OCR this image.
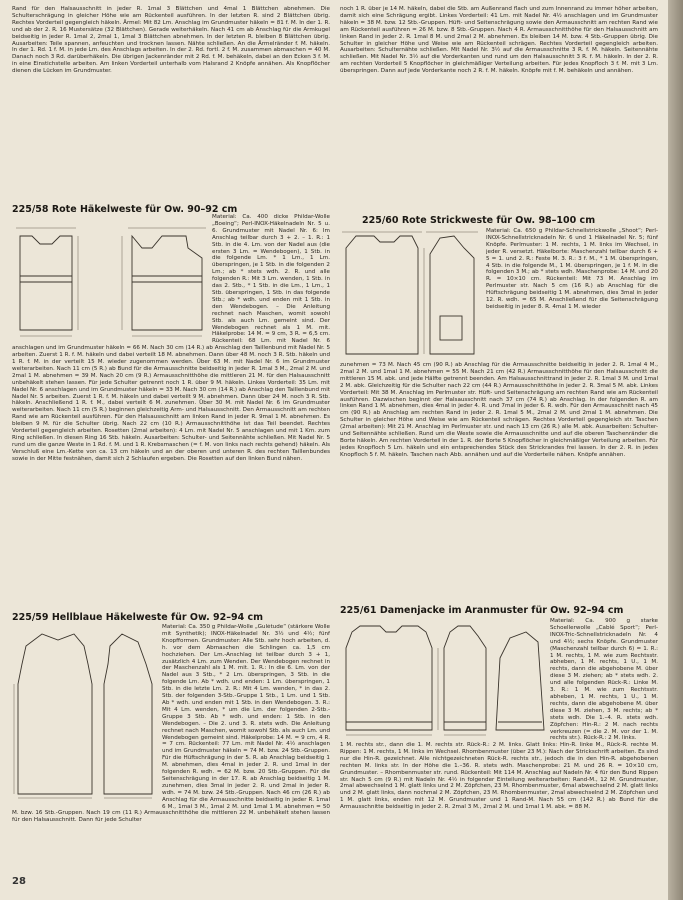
Rand für den Halsausschnitt in jeder R. 1mal 3 Blättchen und 4mal 1 Blättchen abnehmen. Die Schulterschrägung in gleicher Höhe wie am Rückenteil ausführen. In der letzten R. sind 2 Blättchen übrig. Rechtes Vorderteil gegengleich häkeln. Ärmel: Mit 82 Lm. Anschlag im Grundmuster häkeln = 81 f. M. In der 1. R. und ab der 2. R. 16 Mustersätze (32 Blättchen). Gerade weiterhäkeln. Nach 41 cm ab Anschlag für die Armkugel beidseitig in jeder R. 1mal 2, 2mal 1, 1mal 3 Blättchen abnehmen. In der letzten R. bleiben 8 Blättchen übrig. Ausarbeiten: Teile spannen, anfeuchten und trocknen lassen. Nähte schließen. An die Ärmelränder f. M. häkeln. In der 1. Rd. 1 f. M. in jede Lm. des Anschlags arbeiten. In der 2. Rd. fortl. 2 f. M. zusammen abmaschen = 40 M. Danach noch 3 Rd. darüberhäkeln. Die übrigen Jackenränder mit 2 Rd. f. M. behäkeln, dabei an den Ecken 3 f. M. in eine Einstichstelle arbeiten. Am linken Vorderteil unterhalb vom Halsrand 2 Knöpfe annähen. Als Knopflöcher dienen die Lücken im Grundmuster.

225/58 Rote Häkelweste für Ow. 90–92 cm

Material: Ca. 400 dicke Phildar-Wolle „Boeing“; Perl-INOX-Häkelnadeln Nr. 5 u. 6. Grundmuster mit Nadel Nr. 6: Im Anschlag teilbar durch 3 + 2. – 1. R.: 1 Stb. in die 4. Lm. von der Nadel aus (die ersten 3 Lm. = Wendebogen), 1 Stb. in die folgende Lm. * 1 Lm., 1 Lm. überspringen, je 1 Stb. in die folgenden 2 Lm.; ab * stets wdh. 2. R. und alle folgenden R.: Mit 3 Lm. wenden, 1 Stb. in das 2. Stb., * 1 Stb. in die Lm., 1 Lm., 1 Stb. überspringen, 1 Stb. in das folgende Stb.; ab * wdh. und enden mit 1 Stb. in den Wendebogen. – Die Anleitung rechnet nach Maschen, womit sowohl Stb. als auch Lm. gemeint sind. Der Wendebogen rechnet als 1 M. mit. Häkelprobe: 14 M. = 9 cm, 3 R. = 6,5 cm. Rückenteil: 68 Lm. mit Nadel Nr. 6 anschlagen und im Grundmuster häkeln = 66 M. Nach 30 cm (14 R.) ab Anschlag den Taillenbund mit Nadel Nr. 5 arbeiten. Zuerst 1 R. f. M. häkeln und dabei verteilt 18 M. abnehmen. Dann über 48 M. noch 3 R. Stb. häkeln und 1 R. f. M. in der verteilt 15 M. wieder zugenommen werden. Über 63 M. mit Nadel Nr. 6 im Grundmuster weiterarbeiten. Nach 11 cm (5 R.) ab Bund für die Armausschnitte beidseitig in jeder R. 1mal 3 M., 2mal 2 M. und 2mal 1 M. abnehmen = 39 M. Nach 20 cm (9 R.) Armausschnitthöhe die mittleren 21 M. für den Halsausschnitt unbehäkelt stehen lassen. Für jede Schulter getrennt noch 1 R. über 9 M. häkeln. Linkes Vorderteil: 35 Lm. mit Nadel Nr. 6 anschlagen und im Grundmuster häkeln = 33 M. Nach 30 cm (14 R.) ab Anschlag den Taillenbund mit Nadel Nr. 5 arbeiten. Zuerst 1 R. f. M. häkeln und dabei verteilt 9 M. abnehmen. Dann über 24 M. noch 3 R. Stb. häkeln. Anschließend 1 R. f. M., dabei verteilt 6 M. zunehmen. Über 30 M. mit Nadel Nr. 6 im Grundmuster weiterarbeiten. Nach 11 cm (5 R.) beginnen gleichzeitig Arm- und Halsausschnitt. Den Armausschnitt am rechten Rand wie am Rückenteil ausführen. Für den Halsausschnitt am linken Rand in jeder R. 9mal 1 M. abnehmen. Es bleiben 9 M. für die Schulter übrig. Nach 22 cm (10 R.) Armausschnitthöhe ist das Teil beendet. Rechtes Vorderteil gegengleich arbeiten. Rosetten (2mal arbeiten): 4 Lm. mit Nadel Nr. 5 anschlagen und mit 1 Km. zum Ring schließen. In diesen Ring 16 Stb. häkeln. Ausarbeiten: Schulter- und Seitennähte schließen. Mit Nadel Nr. 5 rund um die ganze Weste in 1 Rd. f. M. und 1 R. Krebsmaschen (= f. M. von links nach rechts gehend) häkeln. Als Verschluß eine Lm.-Kette von ca. 13 cm häkeln und an der oberen und unteren R. des rechten Taillenbundes sowie in der Mitte festnähen, damit sich 2 Schlaufen ergeben. Die Rosetten auf den linken Bund nähen.

225/59 Hellblaue Häkelweste für Ow. 92–94 cm

Material: Ca. 350 g Phildar-Wolle „Gulétude“ (stärkere Wolle mit Synthetik); INOX-Häkelnadel Nr. 3½ und 4½; fünf Knopfformen. Grundmuster: Alle Stb. sehr hoch arbeiten, d. h. vor dem Abmaschen die Schlingen ca. 1,5 cm hochziehen. Der Lm.-Anschlag ist teilbar durch 3 + 1, zusätzlich 4 Lm. zum Wenden. Der Wendebogen rechnet in der Maschenzahl als 1 M. mit. 1. R.: In die 6. Lm. von der Nadel aus 3 Stb., * 2 Lm. überspringen, 3 Stb. in die folgende Lm. Ab * wdh. und enden: 1 Lm. überspringen, 1 Stb. in die letzte Lm. 2. R.: Mit 4 Lm. wenden, * in das 2. Stb. der folgenden 3-Stb.-Gruppe 1 Stb., 1 Lm. und 1 Stb. Ab * wdh. und enden mit 1 Stb. in den Wendebogen. 3. R.: Mit 4 Lm. wenden, * um die Lm. der folgenden 2-Stb.-Gruppe 3 Stb. Ab * wdh. und enden: 1 Stb. in den Wendebogen. – Die 2. und 3. R. stets wdh. Die Anleitung rechnet nach Maschen, womit sowohl Stb. als auch Lm. und Wendebogen gemeint sind. Häkelprobe: 14 M. = 9 cm, 4 R. = 7 cm. Rückenteil: 77 Lm. mit Nadel Nr. 4½ anschlagen und im Grundmuster häkeln = 74 M. bzw. 24 Stb.-Gruppen. Für die Hüftschrägung in der 5. R. ab Anschlag beidseitig 1 M. abnehmen, dies 4mal in jeder 2. R. und 1mal in der folgenden R. wdh. = 62 M. bzw. 20 Stb.-Gruppen. Für die Seitenschrägung in der 17. R. ab Anschlag beidseitig 1 M. zunehmen, dies 3mal in jeder 2. R. und 2mal in jeder R. wdh. = 74 M. bzw. 24 Stb.-Gruppen. Nach 46 cm (26 R.) ab Anschlag für die Armausschnitte beidseitig in jeder R. 1mal 6 M., 1mal 3 M., 1mal 2 M. und 1mal 1 M. abnehmen = 50 M. bzw. 16 Stb.-Gruppen. Nach 19 cm (11 R.) Armausschnitthöhe die mittleren 22 M. unbehäkelt stehen lassen für den Halsausschnitt. Dann für jede Schulter

noch 1 R. über je 14 M. häkeln, dabei die Stb. am Außenrand flach und zum Innenrand zu immer höher arbeiten, damit sich eine Schrägung ergibt. Linkes Vorderteil: 41 Lm. mit Nadel Nr. 4½ anschlagen und im Grundmuster häkeln = 38 M. bzw. 12 Stb.-Gruppen. Hüft- und Seitenschrägung sowie den Armausschnitt am rechten Rand wie am Rückenteil ausführen = 26 M. bzw. 8 Stb.-Gruppen. Nach 4 R. Armausschnitthöhe für den Halsausschnitt am linken Rand in jeder 2. R. 1mal 8 M. und 2mal 2 M. abnehmen. Es bleiben 14 M. bzw. 4 Stb.-Gruppen übrig. Die Schulter in gleicher Höhe und Weise wie am Rückenteil schrägen. Rechtes Vorderteil gegengleich arbeiten. Ausarbeiten: Schulternähte schließen. Mit Nadel Nr. 3½ auf die Armausschnitte 3 R. f. M. häkeln. Seitennähte schließen. Mit Nadel Nr. 3½ auf die Vorderkanten und rund um den Halsausschnitt 3 R. f. M. häkeln. In der 2. R. am rechten Vorderteil 5 Knopflöcher in gleichmäßiger Verteilung arbeiten. Für jedes Knopfloch 3 f. M. mit 3 Lm. überspringen. Dann auf jede Vorderkante noch 2 R. f. M. häkeln. Knöpfe mit f. M. behäkeln und annähen.

225/60 Rote Strickweste für Ow. 98–100 cm

Material: Ca. 650 g Phildar-Schnellstrickwolle „Shoot“; Perl-INOX-Schnellstricknadeln Nr. 6 und 1 Häkelnadel Nr. 5; fünf Knöpfe. Perlmuster: 1 M. rechts, 1 M. links im Wechsel, in jeder R. versetzt. Häkelborte: Maschenzahl teilbar durch 6 + 5 = 1. und 2. R.: Feste M. 3. R.: 3 f. M., * 1 M. überspringen, 4 Stb. in die folgende M., 1 M. überspringen, je 1 f. M. in die folgenden 3 M.; ab * stets wdh. Maschenprobe: 14 M. und 20 R. = 10×10 cm. Rückenteil: Mit 73 M. Anschlag im Perlmuster str. Nach 5 cm (16 R.) ab Anschlag für die Hüftschrägung beidseitig 1 M. abnehmen, dies 3mal in jeder 12. R. wdh. = 65 M. Anschließend für die Seitenschrägung beidseitig in jeder 8. R. 4mal 1 M. wieder

zunehmen = 73 M. Nach 45 cm (90 R.) ab Anschlag für die Armausschnitte beidseitig in jeder 2. R. 1mal 4 M., 2mal 2 M. und 1mal 1 M. abnehmen = 55 M. Nach 21 cm (42 R.) Armausschnitthöhe für den Halsausschnitt die mittleren 15 M. abk. und jede Hälfte getrennt beenden. Am Halsausschnittrand in jeder 2. R. 1mal 3 M. und 1mal 2 M. abk. Gleichzeitig für die Schulter nach 22 cm (44 R.) Armausschnitthöhe in jeder 2. R. 3mal 5 M. abk. Linkes Vorderteil: Mit 38 M. Anschlag im Perlmuster str. Hüft- und Seitenschrägung am rechten Rand wie am Rückenteil ausführen. Dazwischen beginnt der Halsausschnitt nach 37 cm (74 R.) ab Anschlag. In der folgenden R. am linken Rand 1 M. abnehmen, dies 4mal in jeder 4. R. und 7mal in jeder 6. R. wdh. Für den Armausschnitt nach 45 cm (90 R.) ab Anschlag am rechten Rand in jeder 2. R. 1mal 5 M., 2mal 2 M. und 2mal 1 M. abnehmen. Die Schulter in gleicher Höhe und Weise wie am Rückenteil schrägen. Rechtes Vorderteil gegengleich str. Taschen (2mal arbeiten): Mit 21 M. Anschlag im Perlmuster str. und nach 13 cm (26 R.) alle M. abk. Ausarbeiten: Schulter- und Seitennähte schließen. Rund um die Weste sowie die Armausschnitte und auf die oberen Taschenränder die Borte häkeln. Am rechten Vorderteil in der 1. R. der Borte 5 Knopflöcher in gleichmäßiger Verteilung arbeiten. Für jedes Knopfloch 5 Lm. häkeln und ein entsprechendes Stück des Strickrandes frei lassen. In der 2. R. in jedes Knopfloch 5 f. M. häkeln. Taschen nach Abb. annähen und auf die Vorderteile nähen. Knöpfe annähen.

225/61 Damenjacke im Aranmuster für Ow. 92–94 cm

Material: Ca. 900 g starke Schoellerwolle „Cablé Sport“; Perl-INOX-Tric-Schnellstricknadeln Nr. 4 und 4½; sechs Knöpfe. Grundmuster (Maschenzahl teilbar durch 6) = 1. R.: 1 M. rechts, 1 M. wie zum Rechtsstr. abheben, 1 M. rechts, 1 U., 1 M. rechts, dann die abgehobene M. über diese 3 M. ziehen; ab * stets wdh. 2. und alle folgenden Rück-R.: Linke M. 3. R.: 1 M. wie zum Rechtsstr. abheben, 1 M. rechts, 1 U., 1 M. rechts, dann die abgehobene M. über diese 3 M. ziehen, 3 M. rechts; ab * stets wdh. Die 1.–4. R. stets wdh. Zöpfchen: Hin-R.: 2 M. nach rechts verkreuzen (= die 2. M. vor der 1. M. rechts str.). Rück-R.: 2 M. links.

1 M. rechts str., dann die 1. M. rechts str. Rück-R.: 2 M. links. Glatt links: Hin-R. linke M., Rück-R. rechte M. Rippen: 1 M. rechts, 1 M. links im Wechsel. Rhombenmuster (über 23 M.): Nach der Strickschrift arbeiten. Es sind nur die Hin-R. gezeichnet. Alle nichtgezeichneten Rück-R. rechts str., jedoch die in den Hin-R. abgehobenen rechten M. links str. In der Höhe die 1.–36. R. stets wdh. Maschenprobe: 21 M. und 26 R. = 10×10 cm, Grundmuster. – Rhombenmuster str. rund. Rückenteil: Mit 114 M. Anschlag auf Nadeln Nr. 4 für den Bund Rippen str. Nach 5 cm (9 R.) mit Nadeln Nr. 4½ in folgender Einteilung weiterarbeiten: Rand-M., 12 M. Grundmuster, 2mal abwechselnd 1 M. glatt links und 2 M. Zöpfchen, 23 M. Rhombenmuster, 6mal abwechselnd 2 M. glatt links und 2 M. glatt links, dann nochmal 2 M. Zöpfchen, 23 M. Rhombenmuster, 2mal abwechselnd 2 M. Zöpfchen und 1 M. glatt links, enden mit 12 M. Grundmuster und 1 Rand-M. Nach 55 cm (142 R.) ab Bund für die Armausschnitte beidseitig in jeder 2. R. 2mal 3 M., 2mal 2 M. und 1mal 1 M. abk. = 88 M.

28
